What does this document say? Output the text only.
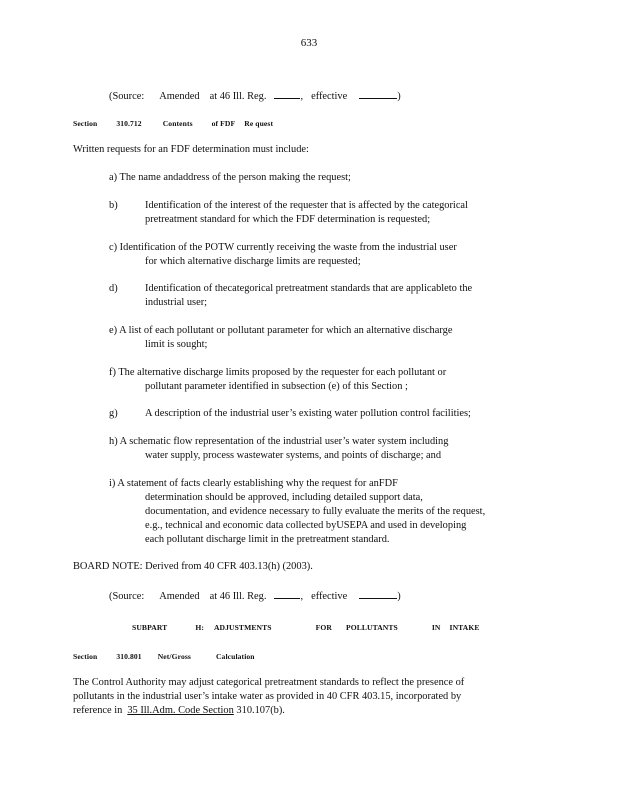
633
(Source: Amended at 46 Ill. Reg.	, effective	)
Section	310.712	Contents	of FDF Re quest
Written requests for an FDF determination must include:
a) The name andaddress of the person making the request;
b)	Identification of the interest of the requester that is affected by the categorical
pretreatment standard for which the FDF determination is requested;
c) Identification of the POTW currently receiving the waste from the industrial user
for which alternative discharge limits are requested;
d)	Identification of thecategorical pretreatment standards that are applicableto the
industrial user;
e) A list of each pollutant or pollutant parameter for which an alternative discharge
limit is sought;
f) The alternative discharge limits proposed by the requester for each pollutant or
pollutant parameter identified in subsection (e) of this Section ;
g)	A description of the industrial user’s existing water pollution control facilities;
h) A schematic flow representation of the industrial user’s water system including
water supply, process wastewater systems, and points of discharge; and
i) A statement of facts clearly establishing why the request for anFDF
determination should be approved, including detailed support data,
documentation, and evidence necessary to fully evaluate the merits of the request,
e.g., technical and economic data collected byUSEPA and used in developing
each pollutant discharge limit in the pretreatment standard.
BOARD NOTE: Derived from 40 CFR 403.13(h) (2003).
(Source: Amended at 46 Ill. Reg.	, effective	)
SUBPART	H: ADJUSTMENTS	FOR POLLUTANTS	IN INTAKE
Section	310.801 Net/Gross	Calculation
The Control Authority may adjust categorical pretreatment standards to reflect the presence of
pollutants in the industrial user’s intake water as provided in 40 CFR 403.15, incorporated by
reference in 35 Ill.Adm. Code Section 310.107(b).
